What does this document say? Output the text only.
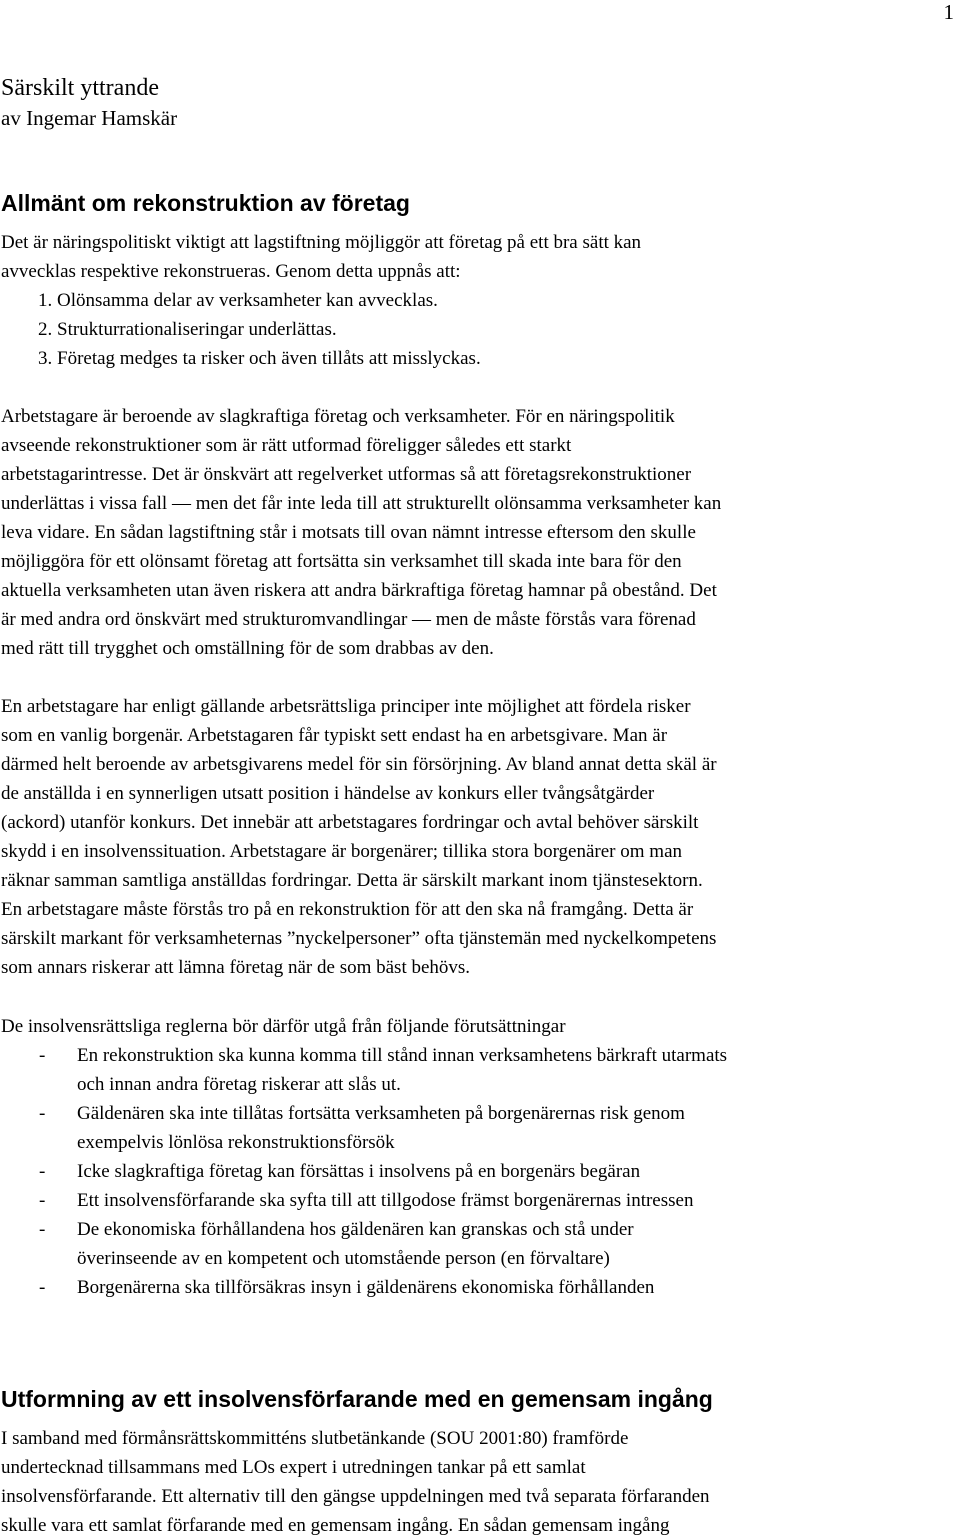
1
Särskilt yttrande
av Ingemar Hamskär
Allmänt om rekonstruktion av företag
Det är näringspolitiskt viktigt att lagstiftning möjliggör att företag på ett bra sätt kan
avvecklas respektive rekonstrueras. Genom detta uppnås att:
1. Olönsamma delar av verksamheter kan avvecklas.
2. Strukturrationaliseringar underlättas.
3. Företag medges ta risker och även tillåts att misslyckas.
Arbetstagare är beroende av slagkraftiga företag och verksamheter. För en näringspolitik
avseende rekonstruktioner som är rätt utformad föreligger således ett starkt
arbetstagarintresse. Det är önskvärt att regelverket utformas så att företagsrekonstruktioner
underlättas i vissa fall — men det får inte leda till att strukturellt olönsamma verksamheter kan
leva vidare. En sådan lagstiftning står i motsats till ovan nämnt intresse eftersom den skulle
möjliggöra för ett olönsamt företag att fortsätta sin verksamhet till skada inte bara för den
aktuella verksamheten utan även riskera att andra bärkraftiga företag hamnar på obestånd. Det
är med andra ord önskvärt med strukturomvandlingar — men de måste förstås vara förenad
med rätt till trygghet och omställning för de som drabbas av den.
En arbetstagare har enligt gällande arbetsrättsliga principer inte möjlighet att fördela risker
som en vanlig borgenär. Arbetstagaren får typiskt sett endast ha en arbetsgivare. Man är
därmed helt beroende av arbetsgivarens medel för sin försörjning. Av bland annat detta skäl är
de anställda i en synnerligen utsatt position i händelse av konkurs eller tvångsåtgärder
(ackord) utanför konkurs. Det innebär att arbetstagares fordringar och avtal behöver särskilt
skydd i en insolvenssituation. Arbetstagare är borgenärer; tillika stora borgenärer om man
räknar samman samtliga anställdas fordringar. Detta är särskilt markant inom tjänstesektorn.
En arbetstagare måste förstås tro på en rekonstruktion för att den ska nå framgång. Detta är
särskilt markant för verksamheternas ”nyckelpersoner” ofta tjänstemän med nyckelkompetens
som annars riskerar att lämna företag när de som bäst behövs.
De insolvensrättsliga reglerna bör därför utgå från följande förutsättningar
- En rekonstruktion ska kunna komma till stånd innan verksamhetens bärkraft utarmats
och innan andra företag riskerar att slås ut.
- Gäldenären ska inte tillåtas fortsätta verksamheten på borgenärernas risk genom
exempelvis lönlösa rekonstruktionsförsök
- Icke slagkraftiga företag kan försättas i insolvens på en borgenärs begäran
- Ett insolvensförfarande ska syfta till att tillgodose främst borgenärernas intressen
- De ekonomiska förhållandena hos gäldenären kan granskas och stå under
överinseende av en kompetent och utomstående person (en förvaltare)
- Borgenärerna ska tillförsäkras insyn i gäldenärens ekonomiska förhållanden
Utformning av ett insolvensförfarande med en gemensam ingång
I samband med förmånsrättskommitténs slutbetänkande (SOU 2001:80) framförde
undertecknad tillsammans med LOs expert i utredningen tankar på ett samlat
insolvensförfarande. Ett alternativ till den gängse uppdelningen med två separata förfaranden
skulle vara ett samlat förfarande med en gemensam ingång. En sådan gemensam ingång
